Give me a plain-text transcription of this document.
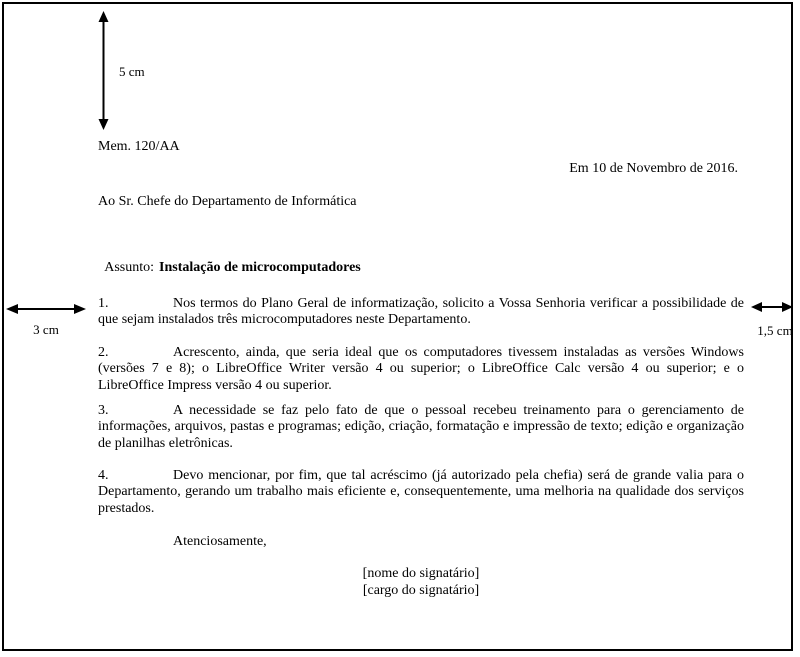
5 cm
3 cm	1,5 cm
Mem. 120/AA
Em 10 de Novembro de 2016.
Ao Sr. Chefe do Departamento de Informática

Assunto: Instalação de microcomputadores

1.	Nos termos do Plano Geral de informatização, solicito a Vossa Senhoria verificar a possibilidade de que sejam instalados três microcomputadores neste Departamento.
2.	Acrescento, ainda, que seria ideal que os computadores tivessem instaladas as versões Windows (versões 7 e 8); o LibreOffice Writer versão 4 ou superior; o LibreOffice Calc versão 4 ou superior; e o LibreOffice Impress versão 4 ou superior.
3.	A necessidade se faz pelo fato de que o pessoal recebeu treinamento para o gerenciamento de informações, arquivos, pastas e programas; edição, criação, formatação e impressão de texto; edição e organização de planilhas eletrônicas.
4.	Devo mencionar, por fim, que tal acréscimo (já autorizado pela chefia) será de grande valia para o Departamento, gerando um trabalho mais eficiente e, consequentemente, uma melhoria na qualidade dos serviços prestados.
Atenciosamente,
[nome do signatário]
[cargo do signatário]
